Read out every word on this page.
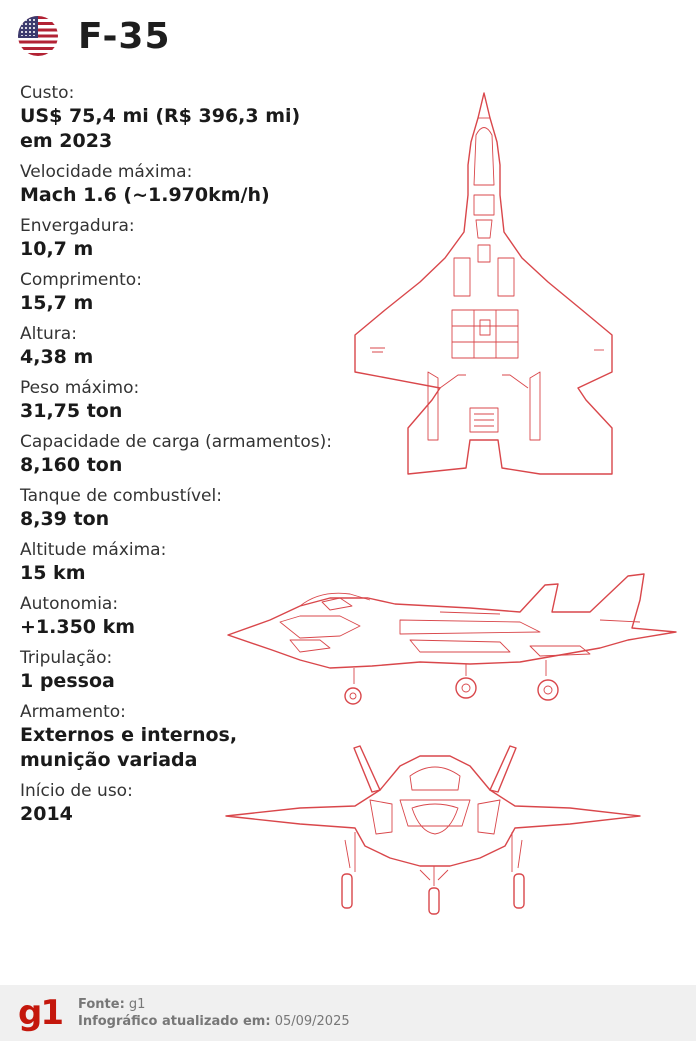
F-35
Custo:
US$ 75,4 mi (R$ 396,3 mi)
em 2023
Velocidade máxima:
Mach 1.6 (~1.970km/h)
Envergadura:
10,7 m
Comprimento:
15,7 m
Altura:
4,38 m
Peso máximo:
31,75 ton
Capacidade de carga (armamentos):
8,160 ton
Tanque de combustível:
8,39 ton
Altitude máxima:
15 km
Autonomia:
+1.350 km
Tripulação:
1 pessoa
Armamento:
Externos e internos,
munição variada
Início de uso:
2014
g1 Fonte: g1
Infográfico atualizado em: 05/09/2025
